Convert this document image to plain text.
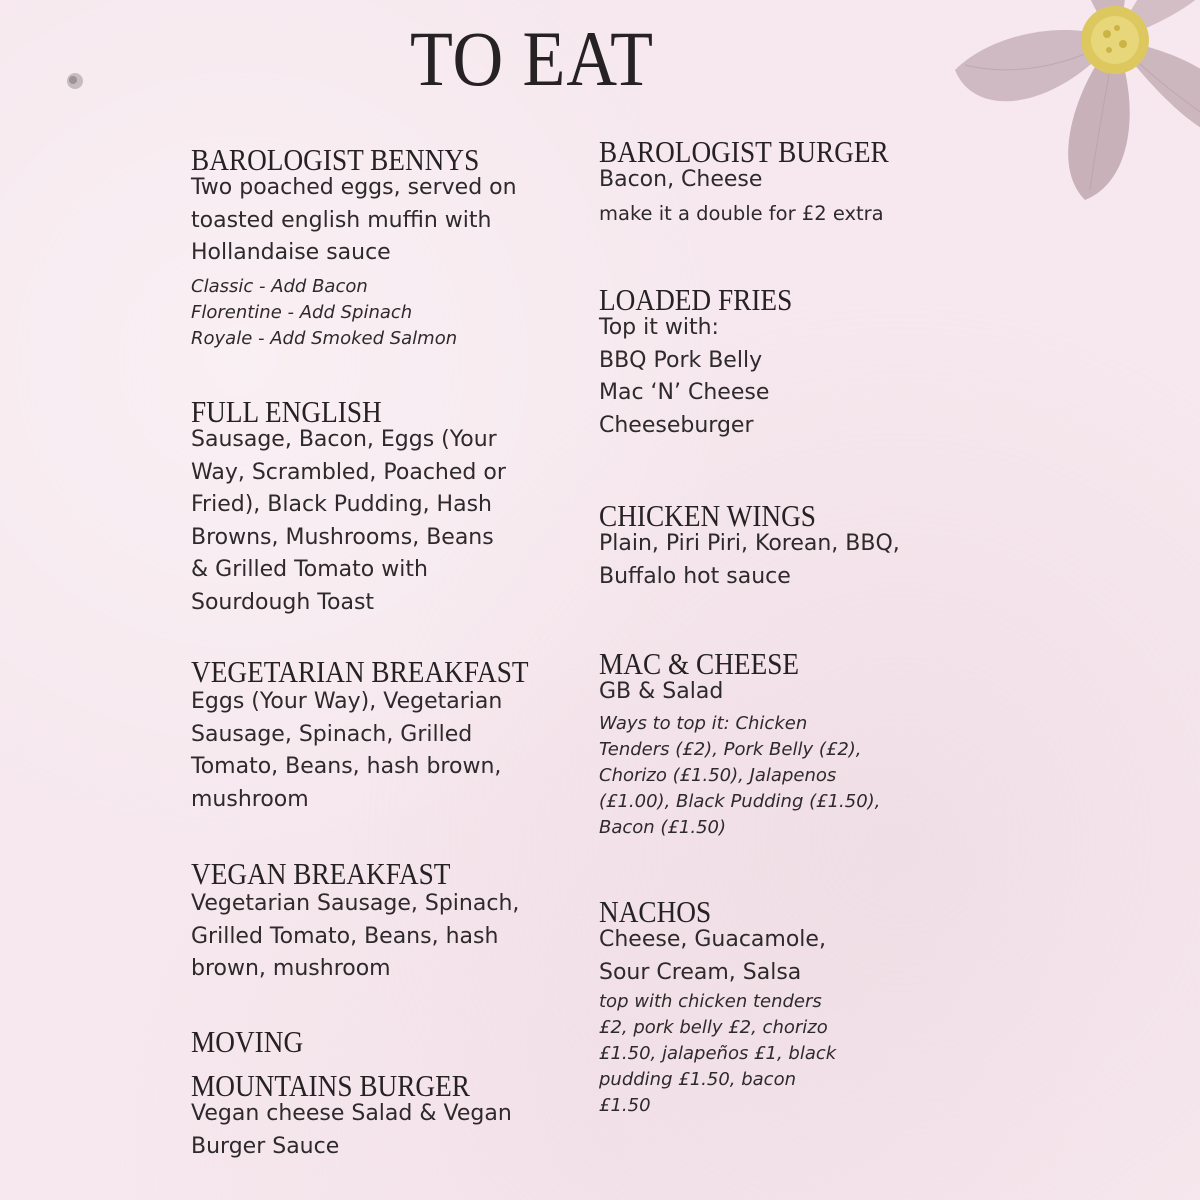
TO EAT
BAROLOGIST BENNYS

Two poached eggs, served on
toasted english muffin with
Hollandaise sauce

Classic - Add Bacon
Florentine - Add Spinach
Royale - Add Smoked Salmon

FULL ENGLISH

Sausage, Bacon, Eggs (Your
Way, Scrambled, Poached or
Fried), Black Pudding, Hash
Browns, Mushrooms, Beans
& Grilled Tomato with
Sourdough Toast

VEGETARIAN BREAKFAST

Eggs (Your Way), Vegetarian
Sausage, Spinach, Grilled
Tomato, Beans, hash brown,
mushroom

VEGAN BREAKFAST

Vegetarian Sausage, Spinach,
Grilled Tomato, Beans, hash
brown, mushroom

MOVING
MOUNTAINS BURGER

Vegan cheese Salad & Vegan
Burger Sauce

BAROLOGIST BURGER

Bacon, Cheese

make it a double for £2 extra

LOADED FRIES

Top it with:
BBQ Pork Belly
Mac ‘N’ Cheese
Cheeseburger

CHICKEN WINGS

Plain, Piri Piri, Korean, BBQ,
Buffalo hot sauce

MAC & CHEESE

GB & Salad

Ways to top it: Chicken
Tenders (£2), Pork Belly (£2),
Chorizo (£1.50), Jalapenos
(£1.00), Black Pudding (£1.50),
Bacon (£1.50)

NACHOS

Cheese, Guacamole,
Sour Cream, Salsa

top with chicken tenders
£2, pork belly £2, chorizo
£1.50, jalapeños £1, black
pudding £1.50, bacon
£1.50
